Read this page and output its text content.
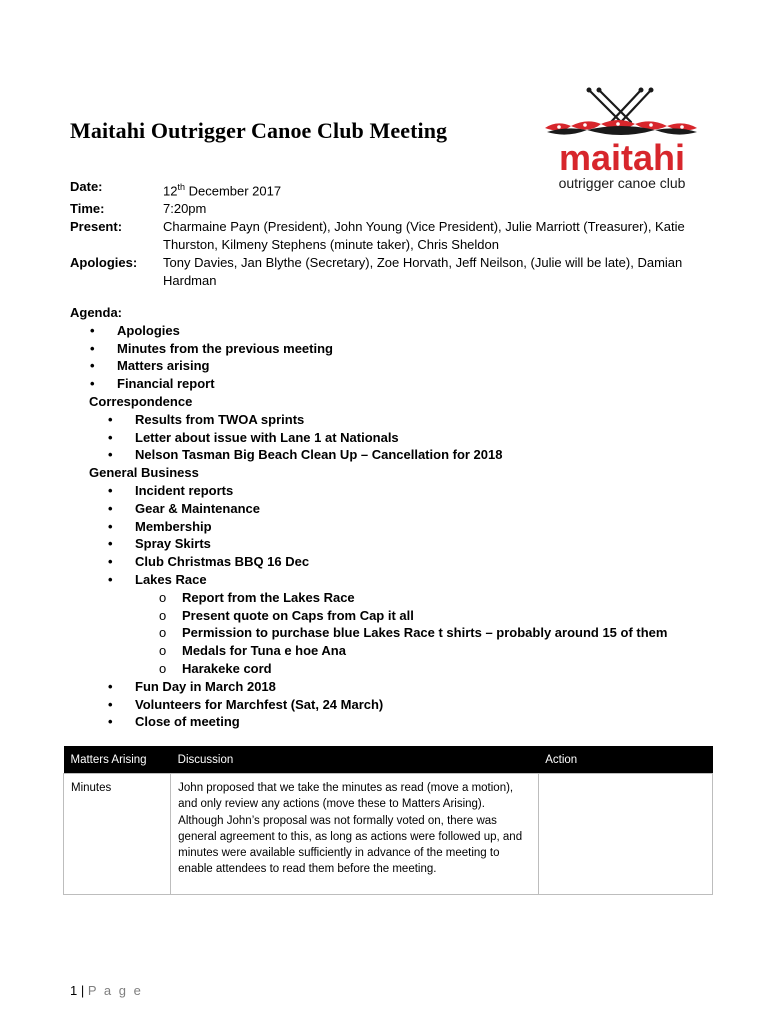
Maitahi Outrigger Canoe Club Meeting
maitahi
outrigger canoe club
Date:	12th December 2017
Time:	7:20pm
Present:	Charmaine Payn (President), John Young (Vice President), Julie Marriott (Treasurer), Katie Thurston, Kilmeny Stephens (minute taker), Chris Sheldon
Apologies:	Tony Davies, Jan Blythe (Secretary), Zoe Horvath, Jeff Neilson, (Julie will be late), Damian Hardman
Agenda:
• Apologies
• Minutes from the previous meeting
• Matters arising
• Financial report
Correspondence
• Results from TWOA sprints
• Letter about issue with Lane 1 at Nationals
• Nelson Tasman Big Beach Clean Up – Cancellation for 2018
General Business
• Incident reports
• Gear & Maintenance
• Membership
• Spray Skirts
• Club Christmas BBQ 16 Dec
• Lakes Race
o Report from the Lakes Race
o Present quote on Caps from Cap it all
o Permission to purchase blue Lakes Race t shirts – probably around 15 of them
o Medals for Tuna e hoe Ana
o Harakeke cord
• Fun Day in March 2018
• Volunteers for Marchfest (Sat, 24 March)
• Close of meeting
Matters Arising	Discussion	Action
Minutes	John proposed that we take the minutes as read (move a motion), and only review any actions (move these to Matters Arising). Although John’s proposal was not formally voted on, there was general agreement to this, as long as actions were followed up, and minutes were available sufficiently in advance of the meeting to enable attendees to read them before the meeting.	
1 | P a g e
